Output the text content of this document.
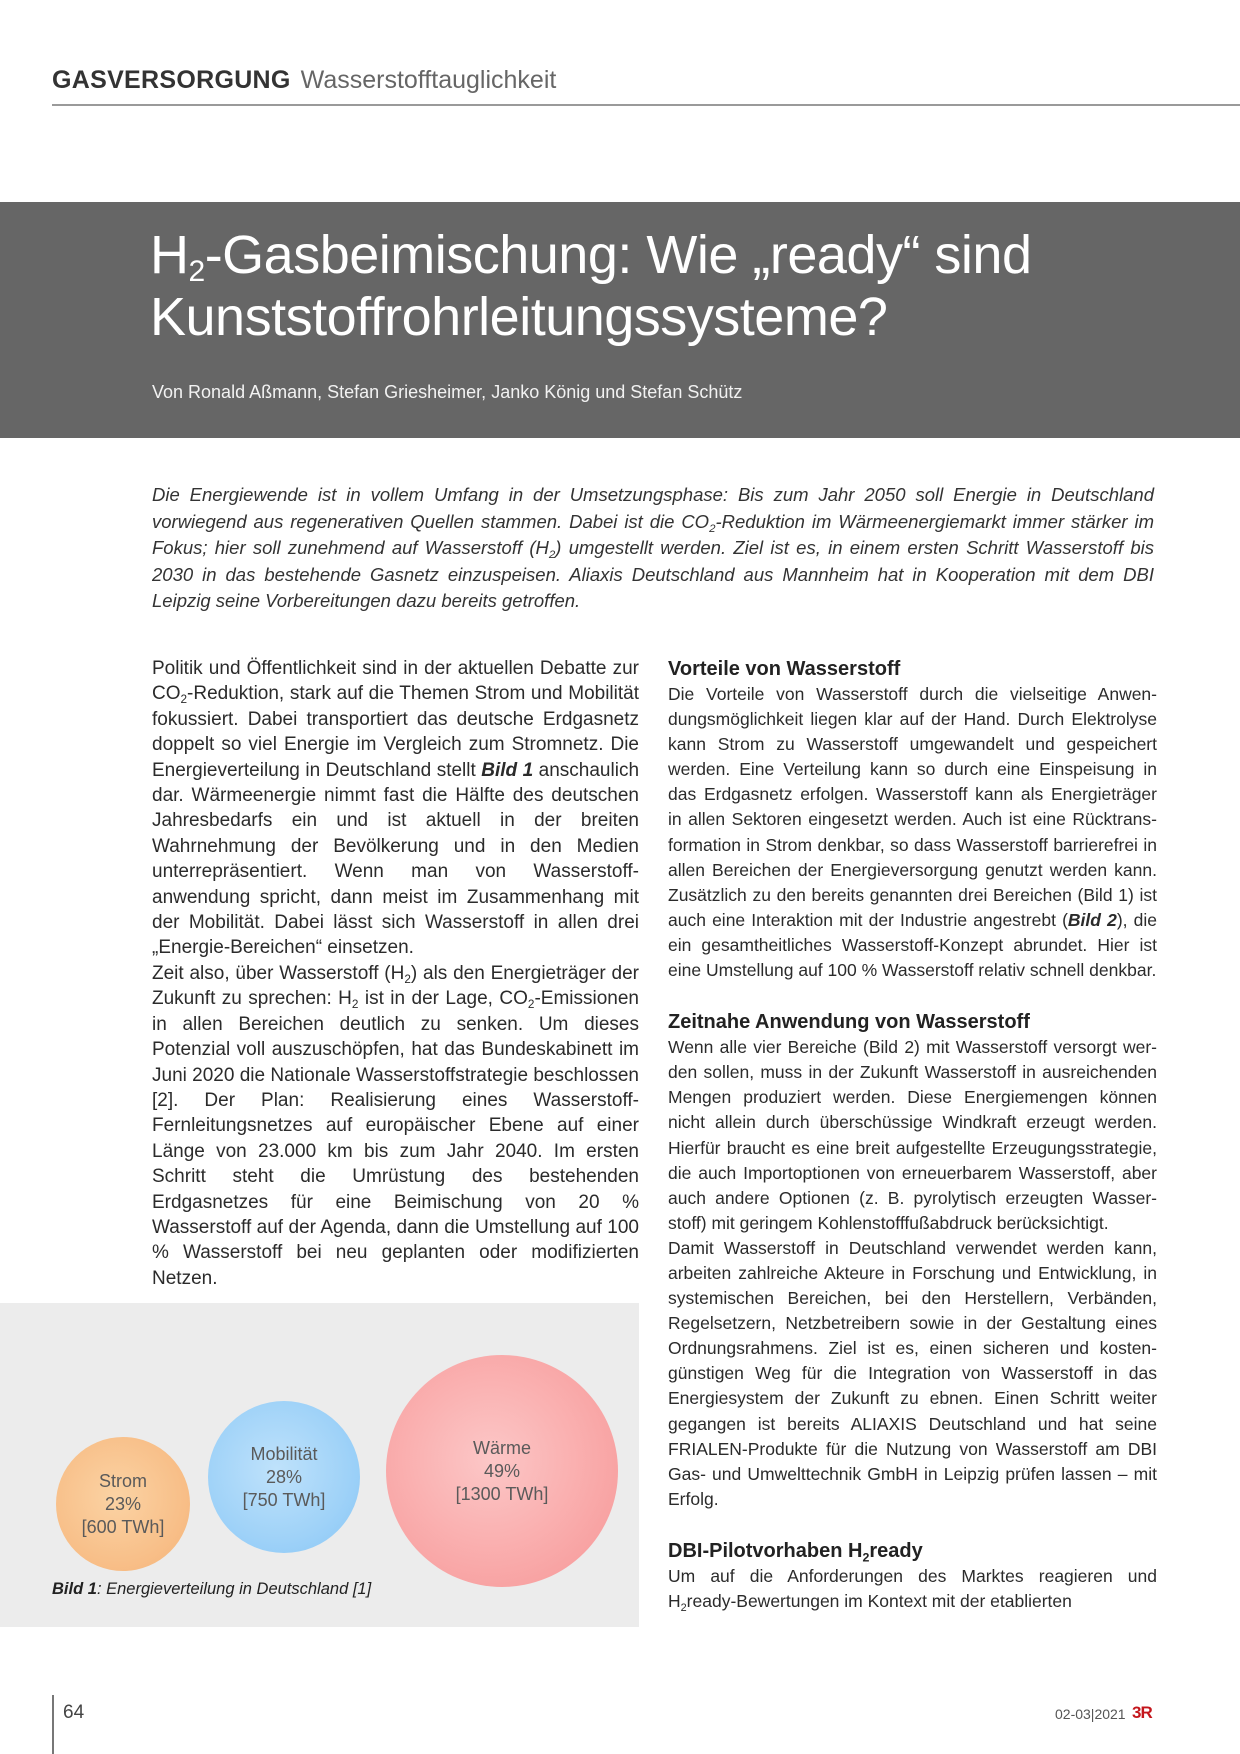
GASVERSORGUNG Wasserstofftauglichkeit
$H_2$-Gasbeimischung: Wie „ready“ sind
Kunststoffrohrleitungssysteme?
Von Ronald Aßmann, Stefan Griesheimer, Janko König und Stefan Schütz

Die Energiewende ist in vollem Umfang in der Umsetzungsphase: Bis zum Jahr 2050 soll Energie in Deutschland vorwiegend aus regenerativen Quellen stammen. Dabei ist die $CO_2$-Reduktion im Wärmeenergiemarkt immer stärker im Fokus; hier soll zunehmend auf Wasserstoff $(H_2)$ umgestellt werden. Ziel ist es, in einem ersten Schritt Wasserstoff bis 2030 in das bestehende Gasnetz einzuspeisen. Aliaxis Deutschland aus Mannheim hat in Kooperation mit dem DBI Leipzig seine Vorbereitungen dazu bereits getroffen.

Politik und Öffentlichkeit sind in der aktuellen Debatte zur $CO_2$-Reduktion, stark auf die Themen Strom und Mobilität fokussiert. Dabei transportiert das deutsche Erdgasnetz doppelt so viel Energie im Vergleich zum Stromnetz. Die Energieverteilung in Deutschland stellt Bild 1 anschaulich dar. Wärmeenergie nimmt fast die Hälfte des deutschen Jahresbedarfs ein und ist aktuell in der breiten Wahrnehmung der Bevölkerung und in den Medien unterrepräsentiert. Wenn man von Wasserstoffanwendung spricht, dann meist im Zusammenhang mit der Mobilität. Dabei lässt sich Wasserstoff in allen drei „Energie-Bereichen“ einsetzen.

Zeit also, über Wasserstoff $(H_2)$ als den Energieträger der Zukunft zu sprechen: $H_2$ ist in der Lage, $CO_2$-Emissionen in allen Bereichen deutlich zu senken. Um dieses Potenzial voll auszuschöpfen, hat das Bundeskabinett im Juni 2020 die Nationale Wasserstoffstrategie beschlossen [2]. Der Plan: Realisierung eines Wasserstoff-Fernleitungsnetzes auf europäischer Ebene auf einer Länge von 23.000 km bis zum Jahr 2040. Im ersten Schritt steht die Umrüstung des bestehenden Erdgasnetzes für eine Beimischung von 20 % Wasserstoff auf der Agenda, dann die Umstellung auf 100 % Wasserstoff bei neu geplanten oder modifizierten Netzen.

Vorteile von Wasserstoff

Die Vorteile von Wasserstoff durch die vielseitige Anwendungsmöglichkeit liegen klar auf der Hand. Durch Elektrolyse kann Strom zu Wasserstoff umgewandelt und gespeichert werden. Eine Verteilung kann so durch eine Einspeisung in das Erdgasnetz erfolgen. Wasserstoff kann als Energieträger in allen Sektoren eingesetzt werden. Auch ist eine Rücktransformation in Strom denkbar, so dass Wasserstoff barrierefrei in allen Bereichen der Energieversorgung genutzt werden kann. Zusätzlich zu den bereits genannten drei Bereichen (Bild 1) ist auch eine Interaktion mit der Industrie angestrebt (Bild 2), die ein gesamtheitliches Wasserstoff-Konzept abrundet. Hier ist eine Umstellung auf 100 % Wasserstoff relativ schnell denkbar.

Zeitnahe Anwendung von Wasserstoff

Wenn alle vier Bereiche (Bild 2) mit Wasserstoff versorgt werden sollen, muss in der Zukunft Wasserstoff in ausreichenden Mengen produziert werden. Diese Energiemengen können nicht allein durch überschüssige Windkraft erzeugt werden. Hierfür braucht es eine breit aufgestellte Erzeugungsstrategie, die auch Importoptionen von erneuerbarem Wasserstoff, aber auch andere Optionen (z. B. pyrolytisch erzeugten Wasserstoff) mit geringem Kohlenstofffußabdruck berücksichtigt.

Damit Wasserstoff in Deutschland verwendet werden kann, arbeiten zahlreiche Akteure in Forschung und Entwicklung, in systemischen Bereichen, bei den Herstellern, Verbänden, Regelsetzern, Netzbetreibern sowie in der Gestaltung eines Ordnungsrahmens. Ziel ist es, einen sicheren und kostengünstigen Weg für die Integration von Wasserstoff in das Energiesystem der Zukunft zu ebnen. Einen Schritt weiter gegangen ist bereits ALIAXIS Deutschland und hat seine FRIALEN-Produkte für die Nutzung von Wasserstoff am DBI Gas- und Umwelttechnik GmbH in Leipzig prüfen lassen – mit Erfolg.

DBI-Pilotvorhaben $H_2ready$

Um auf die Anforderungen des Marktes reagieren und $H_2ready$-Bewertungen im Kontext mit der etablierten

Strom
23%
[600 TWh]
Mobilität
28%
[750 TWh]
Wärme
49%
[1300 TWh]
Bild 1: Energieverteilung in Deutschland [1]
64	02-03|2021 3R
